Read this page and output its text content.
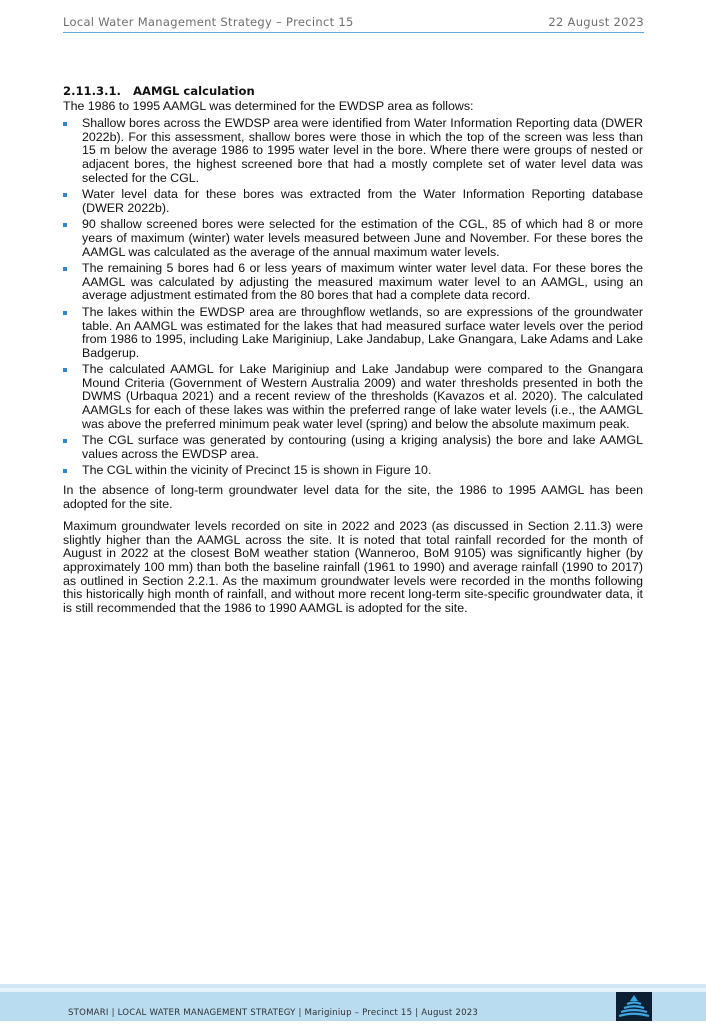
Local Water Management Strategy – Precinct 15	22 August 2023
2.11.3.1. AAMGL calculation

The 1986 to 1995 AAMGL was determined for the EWDSP area as follows:

Shallow bores across the EWDSP area were identified from Water Information Reporting data (DWER 2022b). For this assessment, shallow bores were those in which the top of the screen was less than 15 m below the average 1986 to 1995 water level in the bore. Where there were groups of nested or adjacent bores, the highest screened bore that had a mostly complete set of water level data was selected for the CGL.
Water level data for these bores was extracted from the Water Information Reporting database (DWER 2022b).
90 shallow screened bores were selected for the estimation of the CGL, 85 of which had 8 or more years of maximum (winter) water levels measured between June and November. For these bores the AAMGL was calculated as the average of the annual maximum water levels.
The remaining 5 bores had 6 or less years of maximum winter water level data. For these bores the AAMGL was calculated by adjusting the measured maximum water level to an AAMGL, using an average adjustment estimated from the 80 bores that had a complete data record.
The lakes within the EWDSP area are throughflow wetlands, so are expressions of the groundwater table. An AAMGL was estimated for the lakes that had measured surface water levels over the period from 1986 to 1995, including Lake Mariginiup, Lake Jandabup, Lake Gnangara, Lake Adams and Lake Badgerup.
The calculated AAMGL for Lake Mariginiup and Lake Jandabup were compared to the Gnangara Mound Criteria (Government of Western Australia 2009) and water thresholds presented in both the DWMS (Urbaqua 2021) and a recent review of the thresholds (Kavazos et al. 2020). The calculated AAMGLs for each of these lakes was within the preferred range of lake water levels (i.e., the AAMGL was above the preferred minimum peak water level (spring) and below the absolute maximum peak.
The CGL surface was generated by contouring (using a kriging analysis) the bore and lake AAMGL values across the EWDSP area.
The CGL within the vicinity of Precinct 15 is shown in Figure 10.

In the absence of long-term groundwater level data for the site, the 1986 to 1995 AAMGL has been adopted for the site.

Maximum groundwater levels recorded on site in 2022 and 2023 (as discussed in Section 2.11.3) were slightly higher than the AAMGL across the site. It is noted that total rainfall recorded for the month of August in 2022 at the closest BoM weather station (Wanneroo, BoM 9105) was significantly higher (by approximately 100 mm) than both the baseline rainfall (1961 to 1990) and average rainfall (1990 to 2017) as outlined in Section 2.2.1. As the maximum groundwater levels were recorded in the months following this historically high month of rainfall, and without more recent long-term site-specific groundwater data, it is still recommended that the 1986 to 1990 AAMGL is adopted for the site.

STOMARI | LOCAL WATER MANAGEMENT STRATEGY | Mariginiup – Precinct 15 | August 2023
